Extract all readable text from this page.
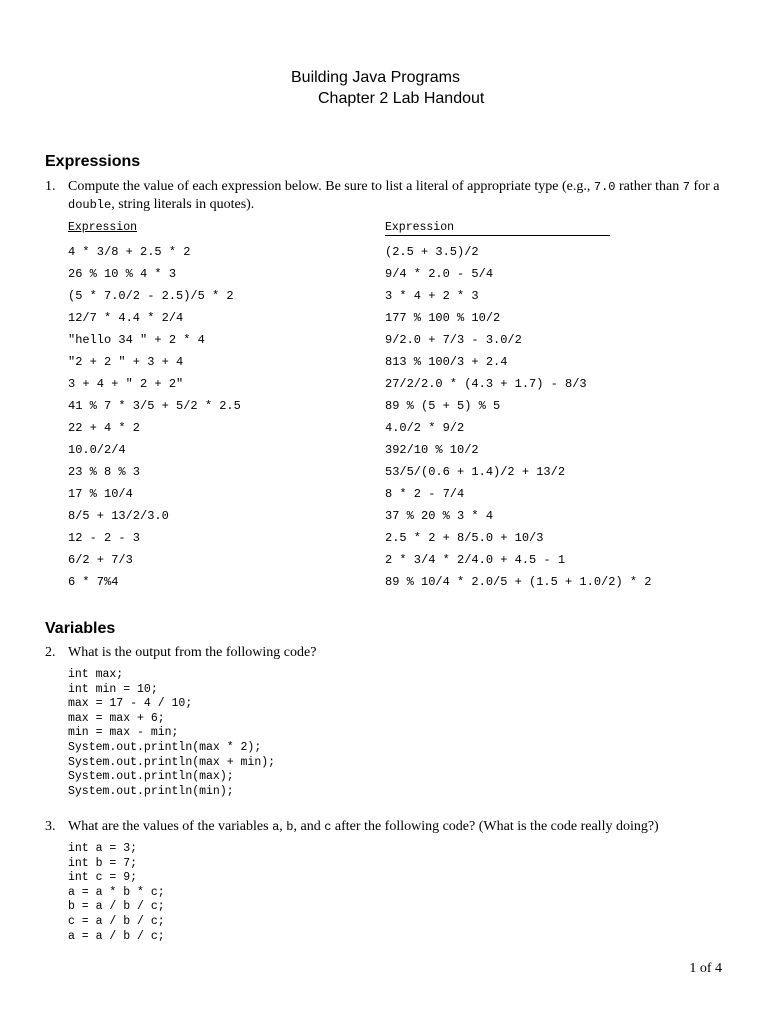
Building Java Programs
Chapter 2 Lab Handout
Expressions
1. Compute the value of each expression below. Be sure to list a literal of appropriate type (e.g., 7.0 rather than 7 for a double, string literals in quotes).
Expression	Expression
4 * 3/8 + 2.5 * 2
26 % 10 % 4 * 3
(5 * 7.0/2 - 2.5)/5 * 2
12/7 * 4.4 * 2/4
"hello 34 " + 2 * 4
"2 + 2 " + 3 + 4
3 + 4 + " 2 + 2"
41 % 7 * 3/5 + 5/2 * 2.5
22 + 4 * 2
10.0/2/4
23 % 8 % 3
17 % 10/4
8/5 + 13/2/3.0
12 - 2 - 3
6/2 + 7/3
6 * 7%4
(2.5 + 3.5)/2
9/4 * 2.0 - 5/4
3 * 4 + 2 * 3
177 % 100 % 10/2
9/2.0 + 7/3 - 3.0/2
813 % 100/3 + 2.4
27/2/2.0 * (4.3 + 1.7) - 8/3
89 % (5 + 5) % 5
4.0/2 * 9/2
392/10 % 10/2
53/5/(0.6 + 1.4)/2 + 13/2
8 * 2 - 7/4
37 % 20 % 3 * 4
2.5 * 2 + 8/5.0 + 10/3
2 * 3/4 * 2/4.0 + 4.5 - 1
89 % 10/4 * 2.0/5 + (1.5 + 1.0/2) * 2
Variables
2. What is the output from the following code?
int max;
int min = 10;
max = 17 - 4 / 10;
max = max + 6;
min = max - min;
System.out.println(max * 2);
System.out.println(max + min);
System.out.println(max);
System.out.println(min);
3. What are the values of the variables a, b, and c after the following code? (What is the code really doing?)
int a = 3;
int b = 7;
int c = 9;
a = a * b * c;
b = a / b / c;
c = a / b / c;
a = a / b / c;
1 of 4
